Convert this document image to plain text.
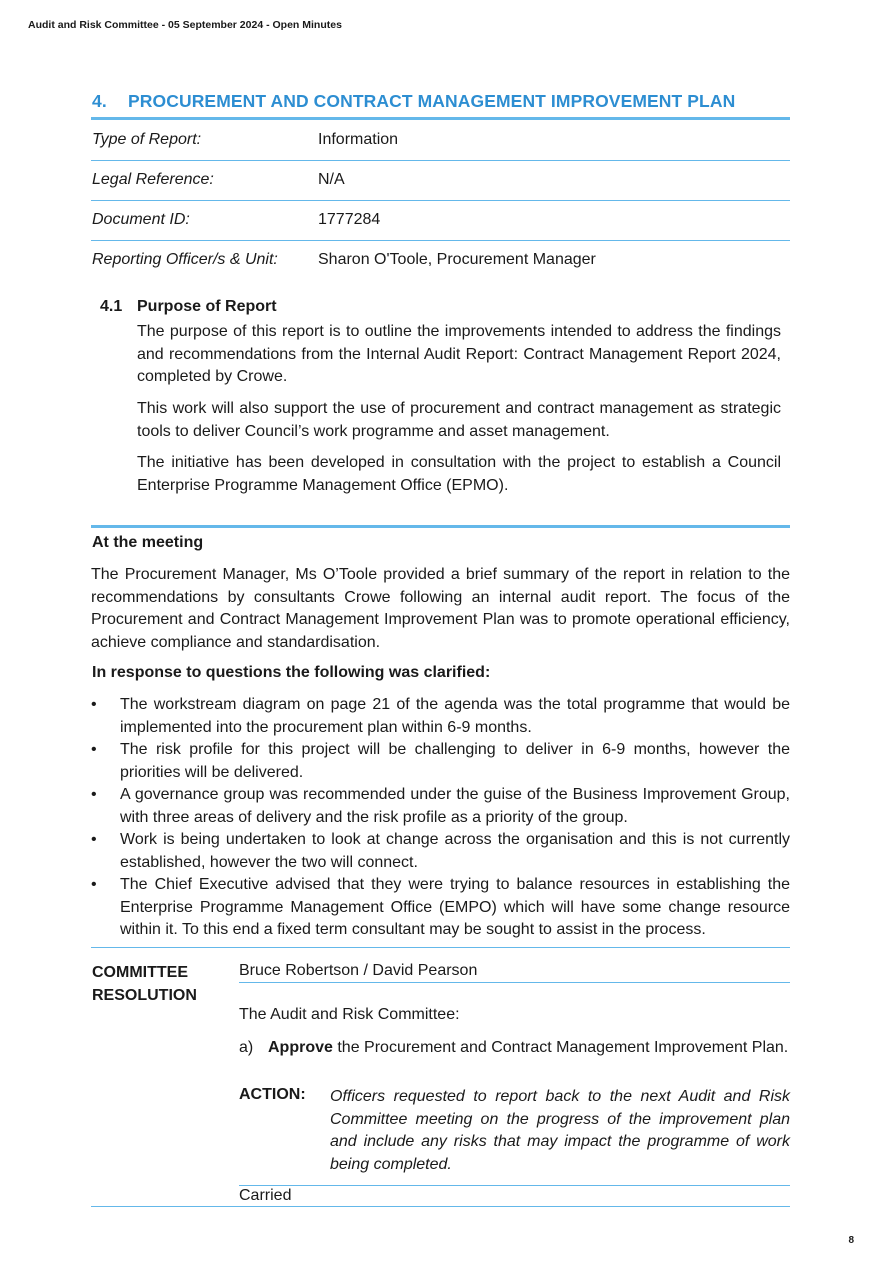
Audit and Risk Committee - 05 September 2024 - Open Minutes
4. PROCUREMENT AND CONTRACT MANAGEMENT IMPROVEMENT PLAN
Type of Report:	Information
Legal Reference:	N/A
Document ID:	1777284
Reporting Officer/s & Unit:	Sharon O'Toole, Procurement Manager
4.1 Purpose of Report
The purpose of this report is to outline the improvements intended to address the findings and recommendations from the Internal Audit Report: Contract Management Report 2024, completed by Crowe.
This work will also support the use of procurement and contract management as strategic tools to deliver Council’s work programme and asset management.
The initiative has been developed in consultation with the project to establish a Council Enterprise Programme Management Office (EPMO).
At the meeting
The Procurement Manager, Ms O’Toole provided a brief summary of the report in relation to the recommendations by consultants Crowe following an internal audit report. The focus of the Procurement and Contract Management Improvement Plan was to promote operational efficiency, achieve compliance and standardisation.
In response to questions the following was clarified:
• The workstream diagram on page 21 of the agenda was the total programme that would be implemented into the procurement plan within 6-9 months.
• The risk profile for this project will be challenging to deliver in 6-9 months, however the priorities will be delivered.
• A governance group was recommended under the guise of the Business Improvement Group, with three areas of delivery and the risk profile as a priority of the group.
• Work is being undertaken to look at change across the organisation and this is not currently established, however the two will connect.
• The Chief Executive advised that they were trying to balance resources in establishing the Enterprise Programme Management Office (EMPO) which will have some change resource within it. To this end a fixed term consultant may be sought to assist in the process.
COMMITTEE
RESOLUTION
Bruce Robertson / David Pearson
The Audit and Risk Committee:
a) Approve the Procurement and Contract Management Improvement Plan.
ACTION: Officers requested to report back to the next Audit and Risk Committee meeting on the progress of the improvement plan and include any risks that may impact the programme of work being completed.
Carried
8
